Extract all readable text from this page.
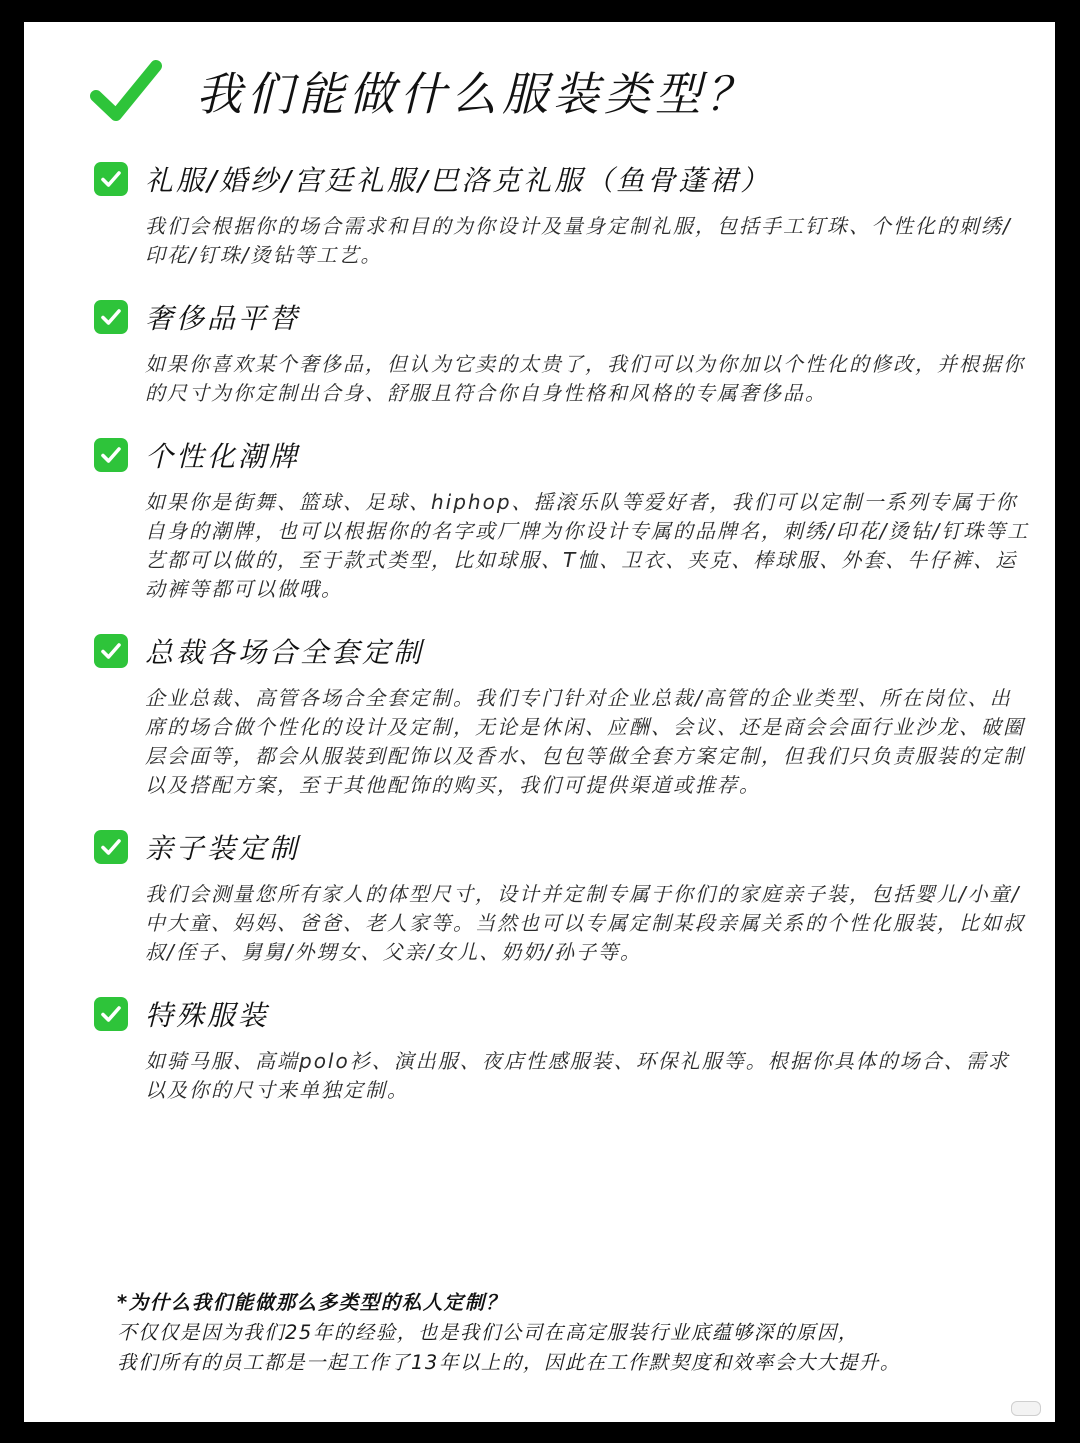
我们能做什么服装类型？
礼服/婚纱/宫廷礼服/巴洛克礼服（鱼骨蓬裙）

我们会根据你的场合需求和目的为你设计及量身定制礼服，包括手工钉珠、个性化的刺绣/印花/钉珠/烫钻等工艺。

奢侈品平替

如果你喜欢某个奢侈品，但认为它卖的太贵了，我们可以为你加以个性化的修改，并根据你的尺寸为你定制出合身、舒服且符合你自身性格和风格的专属奢侈品。

个性化潮牌

如果你是街舞、篮球、足球、hiphop、摇滚乐队等爱好者，我们可以定制一系列专属于你自身的潮牌，也可以根据你的名字或厂牌为你设计专属的品牌名，刺绣/印花/烫钻/钉珠等工艺都可以做的，至于款式类型，比如球服、T恤、卫衣、夹克、棒球服、外套、牛仔裤、运动裤等都可以做哦。

总裁各场合全套定制

企业总裁、高管各场合全套定制。我们专门针对企业总裁/高管的企业类型、所在岗位、出席的场合做个性化的设计及定制，无论是休闲、应酬、会议、还是商会会面行业沙龙、破圈层会面等，都会从服装到配饰以及香水、包包等做全套方案定制，但我们只负责服装的定制以及搭配方案，至于其他配饰的购买，我们可提供渠道或推荐。

亲子装定制

我们会测量您所有家人的体型尺寸，设计并定制专属于你们的家庭亲子装，包括婴儿/小童/中大童、妈妈、爸爸、老人家等。当然也可以专属定制某段亲属关系的个性化服装，比如叔叔/侄子、舅舅/外甥女、父亲/女儿、奶奶/孙子等。

特殊服装

如骑马服、高端polo衫、演出服、夜店性感服装、环保礼服等。根据你具体的场合、需求以及你的尺寸来单独定制。

*为什么我们能做那么多类型的私人定制？
不仅仅是因为我们25年的经验，也是我们公司在高定服装行业底蕴够深的原因，
我们所有的员工都是一起工作了13年以上的，因此在工作默契度和效率会大大提升。
